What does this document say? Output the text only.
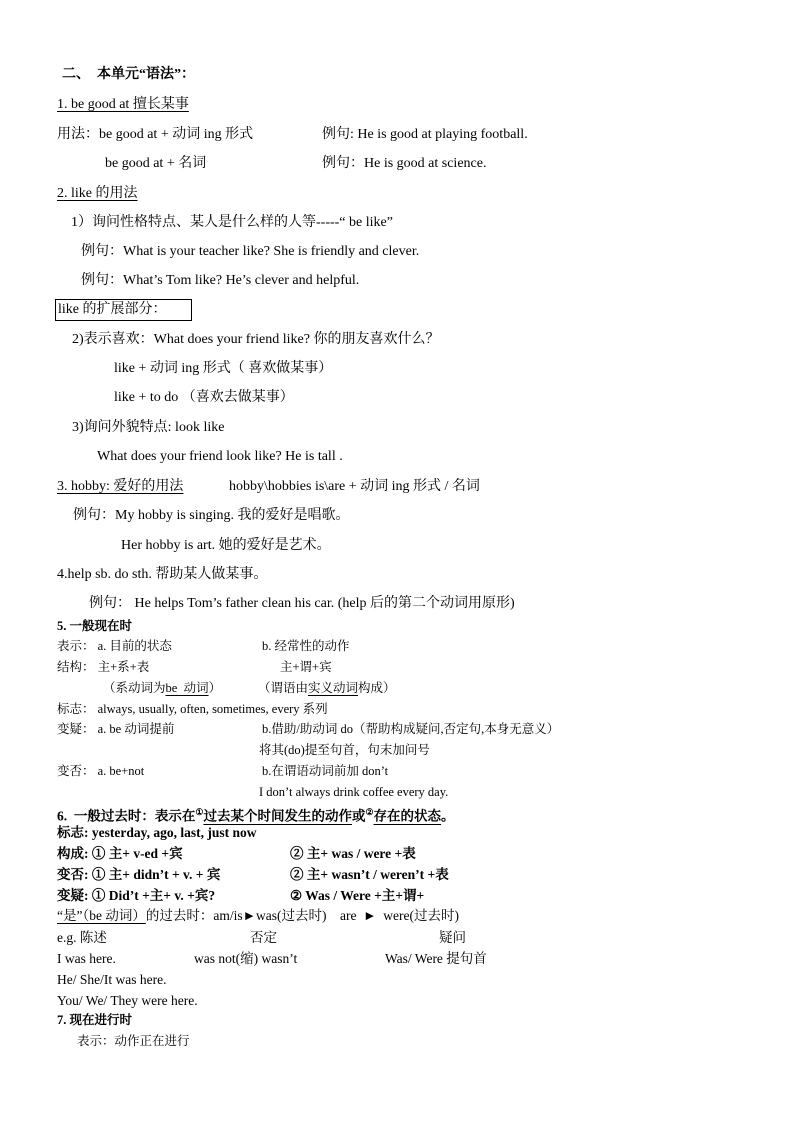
二、　本单元“语法”：
1. be good at 擅长某事
用法：be good at + 动词 ing 形式	例句: He is good at playing football.
be good at + 名词	例句：He is good at science.
2. like 的用法
1）询问性格特点、某人是什么样的人等-----“ be like”
例句：What is your teacher like? She is friendly and clever.
例句：What’s Tom like? He’s clever and helpful.
like 的扩展部分：
2)表示喜欢：What does your friend like? 你的朋友喜欢什么？
like + 动词 ing 形式（ 喜欢做某事）
like + to do （喜欢去做某事）
3)询问外貌特点: look like
What does your friend look like? He is tall .
3. hobby: 爱好的用法	hobby\hobbies is\are + 动词 ing 形式 / 名词
例句：My hobby is singing. 我的爱好是唱歌。
Her hobby is art. 她的爱好是艺术。
4.help sb. do sth. 帮助某人做某事。
例句： He helps Tom’s father clean his car. (help 后的第二个动词用原形)
5. 一般现在时
表示： a. 目前的状态	b. 经常性的动作
结构： 主+系+表	主+谓+宾
（系动词为be  动词）	（谓语由实义动词构成）
标志： always, usually, often, sometimes, every 系列
变疑： a. be 动词提前	b.借助/助动词 do（帮助构成疑问,否定句,本身无意义）
将其(do)提至句首，句末加问号
变否： a. be+not	b.在谓语动词前加 don’t
I don’t always drink coffee every day.
6.  一般过去时：表示在①过去某个时间发生的动作或②存在的状态。
标志: yesterday, ago, last, just now
构成: ① 主+ v-ed +宾	② 主+ was / were +表
变否: ① 主+ didn’t + v. + 宾	② 主+ wasn’t / weren’t +表
变疑: ① Did’t +主+ v. +宾?	② Was / Were +主+谓+
“是”（be 动词）的过去时：am/is►was(过去时)    are  ►  were(过去时)
e.g. 陈述	否定	疑问
I was here.	was not(缩) wasn’t	Was/ Were 提句首
He/ She/It was here.
You/ We/ They were here.
7. 现在进行时
表示：动作正在进行
